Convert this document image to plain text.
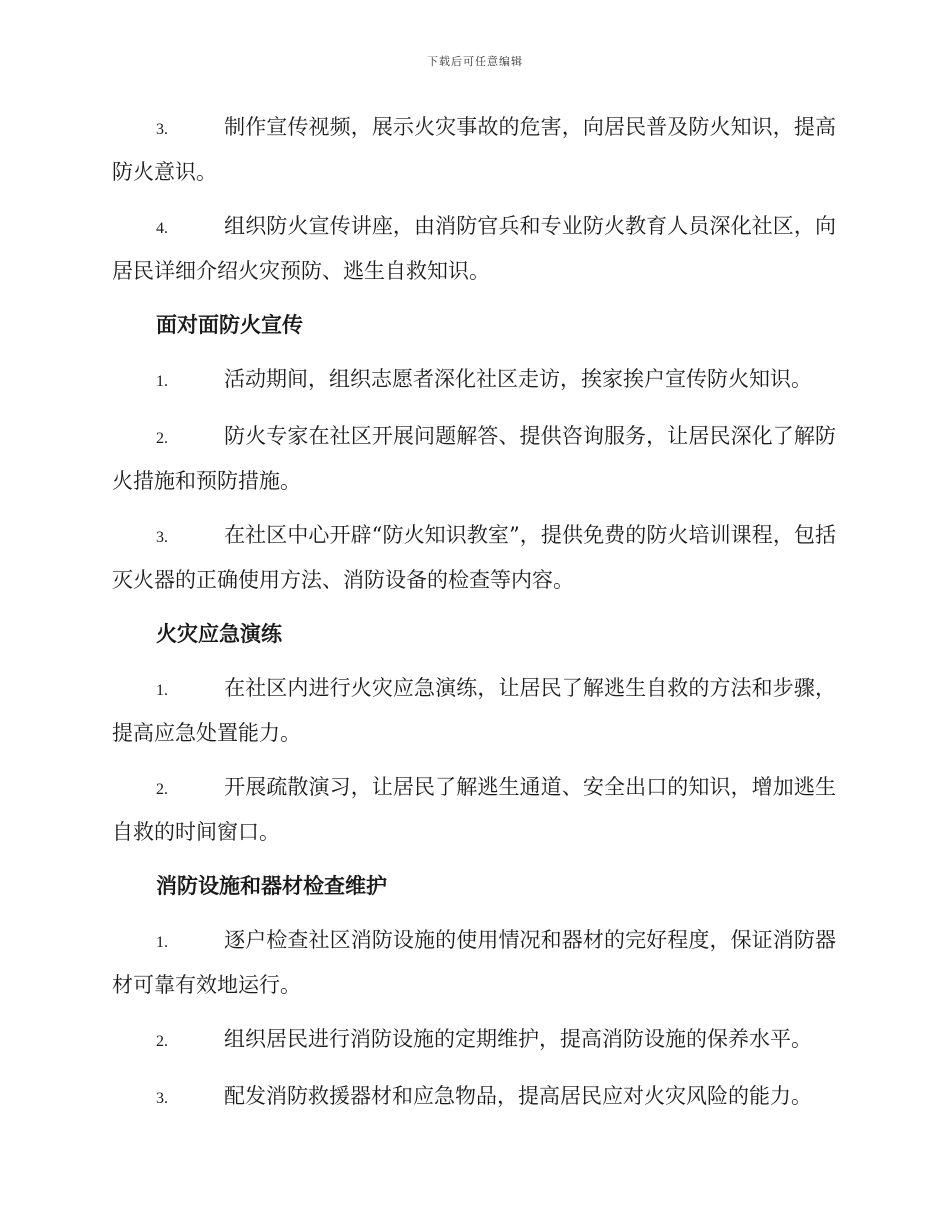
下载后可任意编辑

3.	制作宣传视频，展示火灾事故的危害，向居民普及防火知识，提高防火意识。

4.	组织防火宣传讲座，由消防官兵和专业防火教育人员深化社区，向居民详细介绍火灾预防、逃生自救知识。

面对面防火宣传

1.	活动期间，组织志愿者深化社区走访，挨家挨户宣传防火知识。

2.	防火专家在社区开展问题解答、提供咨询服务，让居民深化了解防火措施和预防措施。

3.	在社区中心开辟“防火知识教室”，提供免费的防火培训课程，包括灭火器的正确使用方法、消防设备的检查等内容。

火灾应急演练

1.	在社区内进行火灾应急演练，让居民了解逃生自救的方法和步骤，提高应急处置能力。

2.	开展疏散演习，让居民了解逃生通道、安全出口的知识，增加逃生自救的时间窗口。

消防设施和器材检查维护

1.	逐户检查社区消防设施的使用情况和器材的完好程度，保证消防器材可靠有效地运行。

2.	组织居民进行消防设施的定期维护，提高消防设施的保养水平。

3.	配发消防救援器材和应急物品，提高居民应对火灾风险的能力。
